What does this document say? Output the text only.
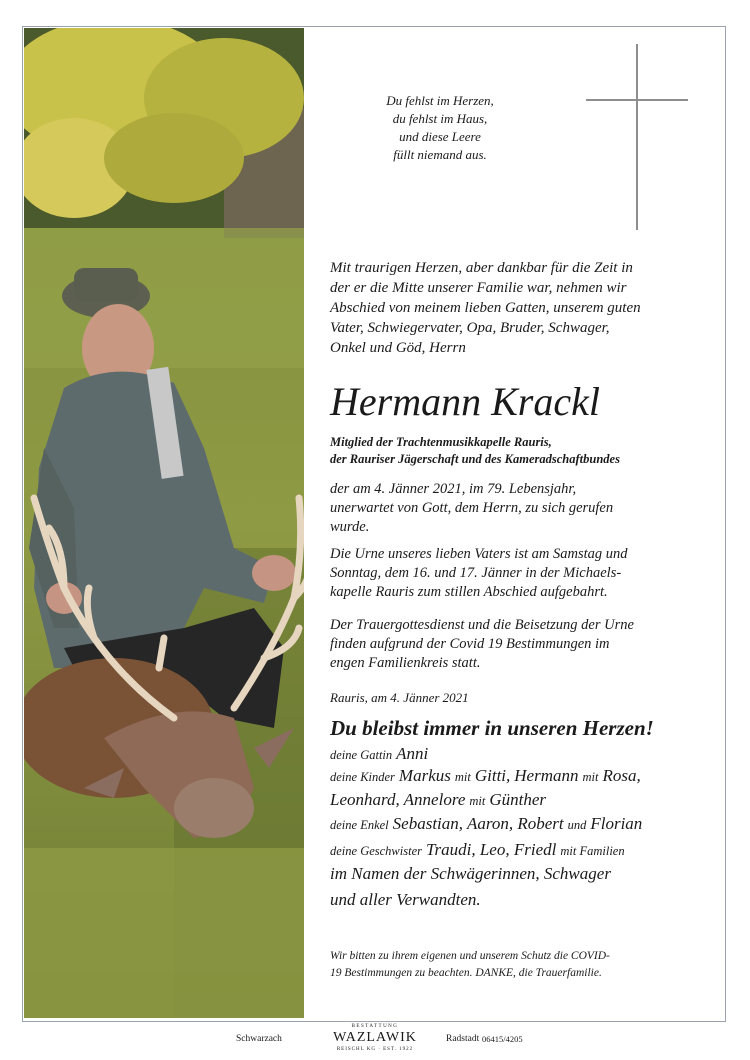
Du fehlst im Herzen,
du fehlst im Haus,
und diese Leere
füllt niemand aus.
Mit traurigen Herzen, aber dankbar für die Zeit in
der er die Mitte unserer Familie war, nehmen wir
Abschied von meinem lieben Gatten, unserem guten
Vater, Schwiegervater, Opa, Bruder, Schwager,
Onkel und Göd, Herrn
Hermann Krackl
Mitglied der Trachtenmusikkapelle Rauris,
der Rauriser Jägerschaft und des Kameradschaftbundes
der am 4. Jänner 2021, im 79. Lebensjahr,
unerwartet von Gott, dem Herrn, zu sich gerufen
wurde.
Die Urne unseres lieben Vaters ist am Samstag und
Sonntag, dem 16. und 17. Jänner in der Michaels-
kapelle Rauris zum stillen Abschied aufgebahrt.
Der Trauergottesdienst und die Beisetzung der Urne
finden aufgrund der Covid 19 Bestimmungen im
engen Familienkreis statt.
Rauris, am 4. Jänner 2021
Du bleibst immer in unseren Herzen!
deine Gattin Anni
deine Kinder Markus mit Gitti, Hermann mit Rosa,
Leonhard, Annelore mit Günther
deine Enkel Sebastian, Aaron, Robert und Florian
deine Geschwister Traudi, Leo, Friedl mit Familien
im Namen der Schwägerinnen, Schwager
und aller Verwandten.
Wir bitten zu ihrem eigenen und unserem Schutz die COVID-
19 Bestimmungen zu beachten. DANKE, die Trauerfamilie.
Schwarzach
BESTATTUNG
WAZLAWIK
REISCHL KG · EST. 1922
Radstadt 06415/4205
